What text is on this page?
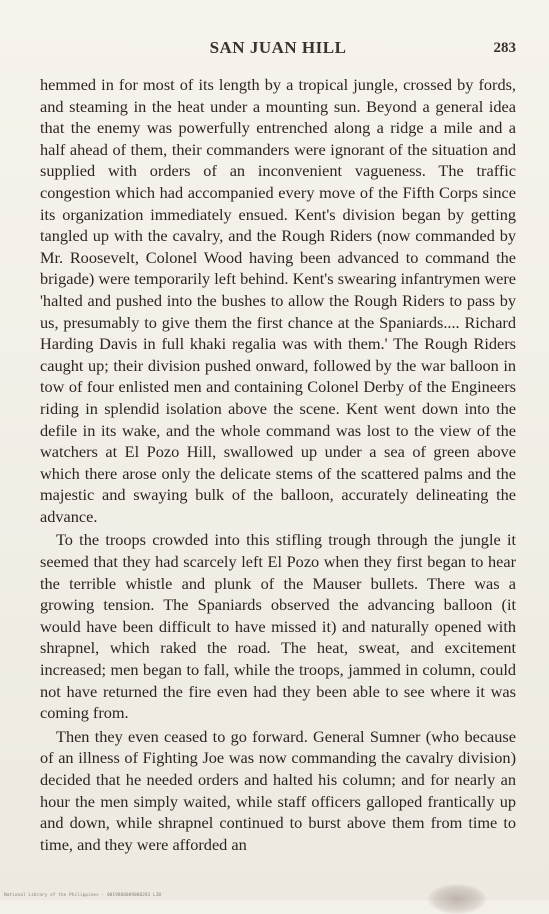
SAN JUAN HILL	283

hemmed in for most of its length by a tropical jungle, crossed by fords, and steaming in the heat under a mounting sun. Beyond a general idea that the enemy was powerfully entrenched along a ridge a mile and a half ahead of them, their commanders were ignorant of the situation and supplied with orders of an inconvenient vagueness. The traffic congestion which had accompanied every move of the Fifth Corps since its organization immediately ensued. Kent's division began by getting tangled up with the cavalry, and the Rough Riders (now commanded by Mr. Roosevelt, Colonel Wood having been advanced to command the brigade) were temporarily left behind. Kent's swearing infantrymen were 'halted and pushed into the bushes to allow the Rough Riders to pass by us, presumably to give them the first chance at the Spaniards.... Richard Harding Davis in full khaki regalia was with them.' The Rough Riders caught up; their division pushed onward, followed by the war balloon in tow of four enlisted men and containing Colonel Derby of the Engineers riding in splendid isolation above the scene. Kent went down into the defile in its wake, and the whole command was lost to the view of the watchers at El Pozo Hill, swallowed up under a sea of green above which there arose only the delicate stems of the scattered palms and the majestic and swaying bulk of the balloon, accurately delineating the advance.

To the troops crowded into this stifling trough through the jungle it seemed that they had scarcely left El Pozo when they first began to hear the terrible whistle and plunk of the Mauser bullets. There was a growing tension. The Spaniards observed the advancing balloon (it would have been difficult to have missed it) and naturally opened with shrapnel, which raked the road. The heat, sweat, and excitement increased; men began to fall, while the troops, jammed in column, could not have returned the fire even had they been able to see where it was coming from.

Then they even ceased to go forward. General Sumner (who because of an illness of Fighting Joe was now commanding the cavalry division) decided that he needed orders and halted his column; and for nearly an hour the men simply waited, while staff officers galloped frantically up and down, while shrapnel continued to burst above them from time to time, and they were afforded an

National Library of the Philippines · 0019800009000283 LIB
